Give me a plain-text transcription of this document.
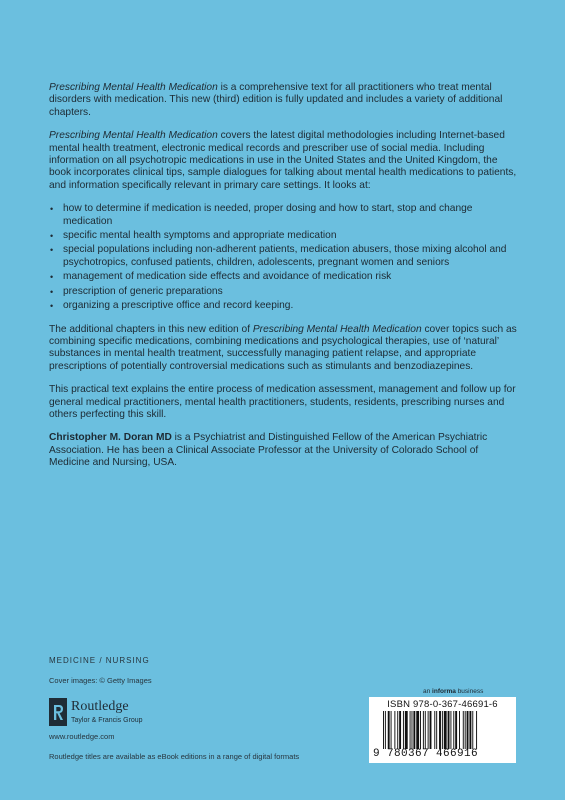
Prescribing Mental Health Medication is a comprehensive text for all practitioners who treat mental disorders with medication. This new (third) edition is fully updated and includes a variety of additional chapters.

Prescribing Mental Health Medication covers the latest digital methodologies including Internet-based mental health treatment, electronic medical records and prescriber use of social media. Including information on all psychotropic medications in use in the United States and the United Kingdom, the book incorporates clinical tips, sample dialogues for talking about mental health medications to patients, and information specifically relevant in primary care settings. It looks at:

• how to determine if medication is needed, proper dosing and how to start, stop and change medication
• specific mental health symptoms and appropriate medication
• special populations including non-adherent patients, medication abusers, those mixing alcohol and psychotropics, confused patients, children, adolescents, pregnant women and seniors
• management of medication side effects and avoidance of medication risk
• prescription of generic preparations
• organizing a prescriptive office and record keeping.

The additional chapters in this new edition of Prescribing Mental Health Medication cover topics such as combining specific medications, combining medications and psychological therapies, use of ‘natural’ substances in mental health treatment, successfully managing patient relapse, and appropriate prescriptions of potentially controversial medications such as stimulants and benzodiazepines.

This practical text explains the entire process of medication assessment, management and follow up for general medical practitioners, mental health practitioners, students, residents, prescribing nurses and others perfecting this skill.

Christopher M. Doran MD is a Psychiatrist and Distinguished Fellow of the American Psychiatric Association. He has been a Clinical Associate Professor at the University of Colorado School of Medicine and Nursing, USA.

MEDICINE / NURSING
Cover images: © Getty Images
Routledge
Taylor & Francis Group
www.routledge.com
Routledge titles are available as eBook editions in a range of digital formats
an informa business
ISBN 978-0-367-46691-6
9 780367 466916
